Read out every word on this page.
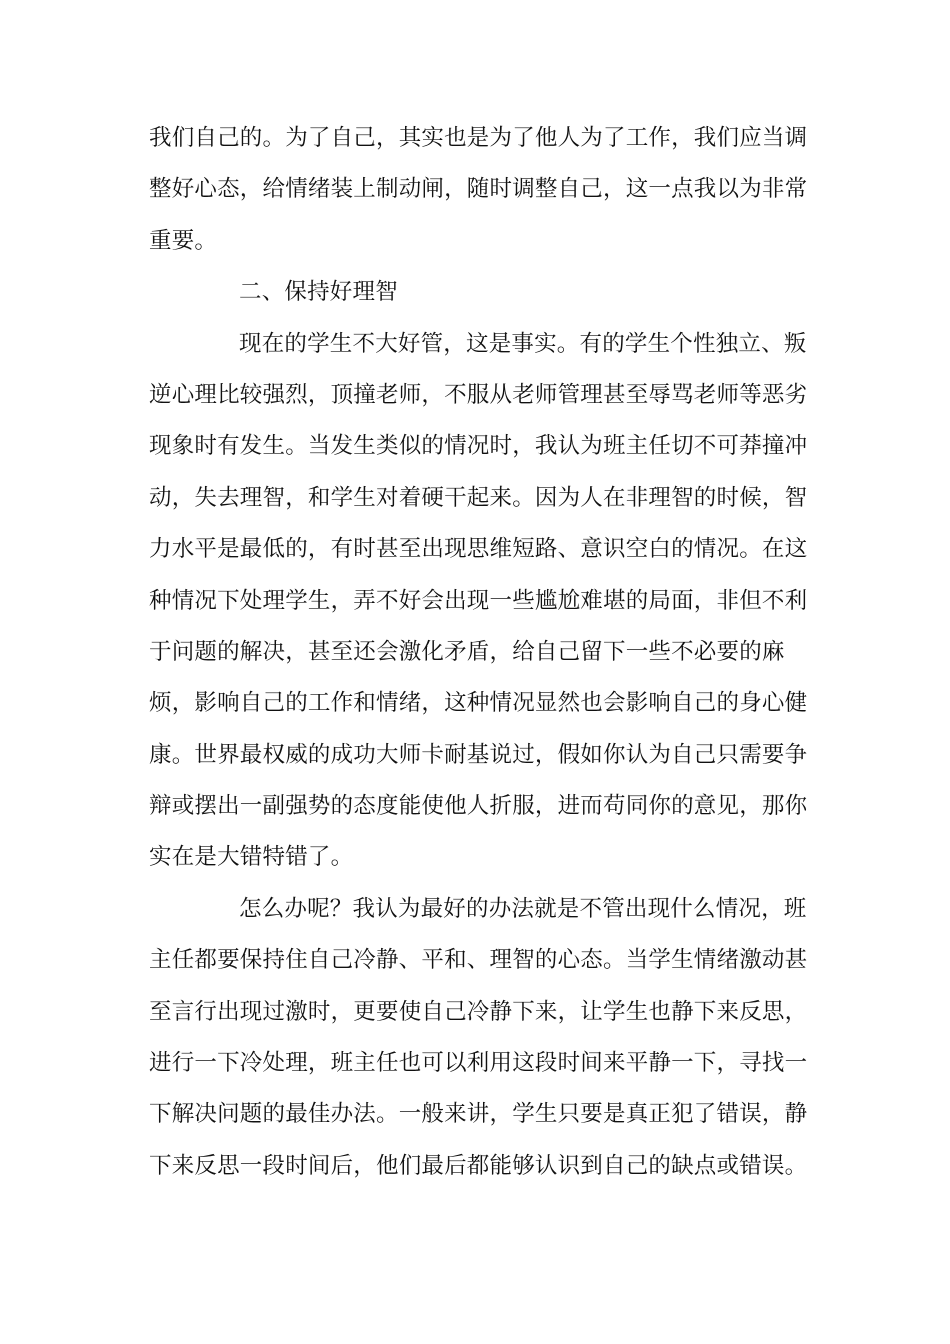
我们自己的。为了自己，其实也是为了他人为了工作，我们应当调
整好心态，给情绪装上制动闸，随时调整自己，这一点我以为非常
重要。
二、保持好理智
现在的学生不大好管，这是事实。有的学生个性独立、叛
逆心理比较强烈，顶撞老师，不服从老师管理甚至辱骂老师等恶劣
现象时有发生。当发生类似的情况时，我认为班主任切不可莽撞冲
动，失去理智，和学生对着硬干起来。因为人在非理智的时候，智
力水平是最低的，有时甚至出现思维短路、意识空白的情况。在这
种情况下处理学生，弄不好会出现一些尴尬难堪的局面，非但不利
于问题的解决，甚至还会激化矛盾，给自己留下一些不必要的麻
烦，影响自己的工作和情绪，这种情况显然也会影响自己的身心健
康。世界最权威的成功大师卡耐基说过，假如你认为自己只需要争
辩或摆出一副强势的态度能使他人折服，进而苟同你的意见，那你
实在是大错特错了。
怎么办呢？我认为最好的办法就是不管出现什么情况，班
主任都要保持住自己冷静、平和、理智的心态。当学生情绪激动甚
至言行出现过激时，更要使自己冷静下来，让学生也静下来反思，
进行一下冷处理，班主任也可以利用这段时间来平静一下，寻找一
下解决问题的最佳办法。一般来讲，学生只要是真正犯了错误，静
下来反思一段时间后，他们最后都能够认识到自己的缺点或错误。
